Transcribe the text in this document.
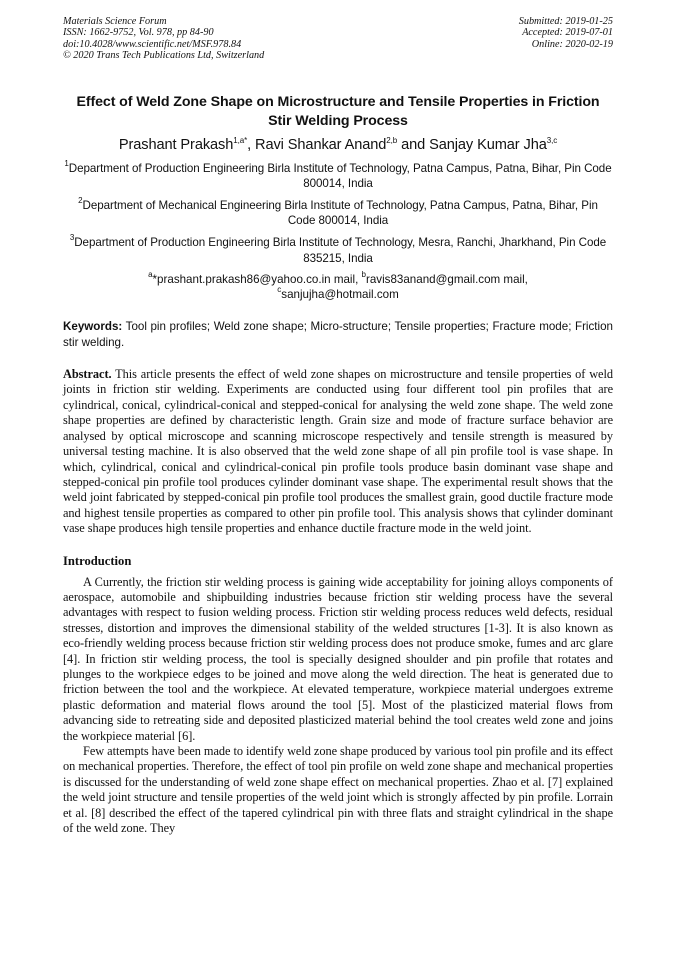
Materials Science Forum
ISSN: 1662-9752, Vol. 978, pp 84-90
doi:10.4028/www.scientific.net/MSF.978.84
© 2020 Trans Tech Publications Ltd, Switzerland
Submitted: 2019-01-25
Accepted: 2019-07-01
Online: 2020-02-19
Effect of Weld Zone Shape on Microstructure and Tensile Properties in Friction Stir Welding Process
Prashant Prakash$^{1,a*}$, Ravi Shankar Anand$^{2,b}$ and Sanjay Kumar Jha$^{3,c}$
$^1$Department of Production Engineering Birla Institute of Technology, Patna Campus, Patna, Bihar, Pin Code 800014, India
$^2$Department of Mechanical Engineering Birla Institute of Technology, Patna Campus, Patna, Bihar, Pin Code 800014, India
$^3$Department of Production Engineering Birla Institute of Technology, Mesra, Ranchi, Jharkhand, Pin Code 835215, India
$^a$*prashant.prakash86@yahoo.co.in mail, $^b$ravis83anand@gmail.com mail, $^c$sanjujha@hotmail.com
Keywords: Tool pin profiles; Weld zone shape; Micro-structure; Tensile properties; Fracture mode; Friction stir welding.
Abstract. This article presents the effect of weld zone shapes on microstructure and tensile properties of weld joints in friction stir welding. Experiments are conducted using four different tool pin profiles that are cylindrical, conical, cylindrical-conical and stepped-conical for analysing the weld zone shape. The weld zone shape properties are defined by characteristic length. Grain size and mode of fracture surface behavior are analysed by optical microscope and scanning microscope respectively and tensile strength is measured by universal testing machine. It is also observed that the weld zone shape of all pin profile tool is vase shape. In which, cylindrical, conical and cylindrical-conical pin profile tools produce basin dominant vase shape and stepped-conical pin profile tool produces cylinder dominant vase shape. The experimental result shows that the weld joint fabricated by stepped-conical pin profile tool produces the smallest grain, good ductile fracture mode and highest tensile properties as compared to other pin profile tool. This analysis shows that cylinder dominant vase shape produces high tensile properties and enhance ductile fracture mode in the weld joint.
Introduction
A Currently, the friction stir welding process is gaining wide acceptability for joining alloys components of aerospace, automobile and shipbuilding industries because friction stir welding process have the several advantages with respect to fusion welding process. Friction stir welding process reduces weld defects, residual stresses, distortion and improves the dimensional stability of the welded structures [1-3]. It is also known as eco-friendly welding process because friction stir welding process does not produce smoke, fumes and arc glare [4]. In friction stir welding process, the tool is specially designed shoulder and pin profile that rotates and plunges to the workpiece edges to be joined and move along the weld direction. The heat is generated due to friction between the tool and the workpiece. At elevated temperature, workpiece material undergoes extreme plastic deformation and material flows around the tool [5]. Most of the plasticized material flows from advancing side to retreating side and deposited plasticized material behind the tool creates weld zone and joins the workpiece material [6].
Few attempts have been made to identify weld zone shape produced by various tool pin profile and its effect on mechanical properties. Therefore, the effect of tool pin profile on weld zone shape and mechanical properties is discussed for the understanding of weld zone shape effect on mechanical properties. Zhao et al. [7] explained the weld joint structure and tensile properties of the weld joint which is strongly affected by pin profile. Lorrain et al. [8] described the effect of the tapered cylindrical pin with three flats and straight cylindrical in the shape of the weld zone. They
